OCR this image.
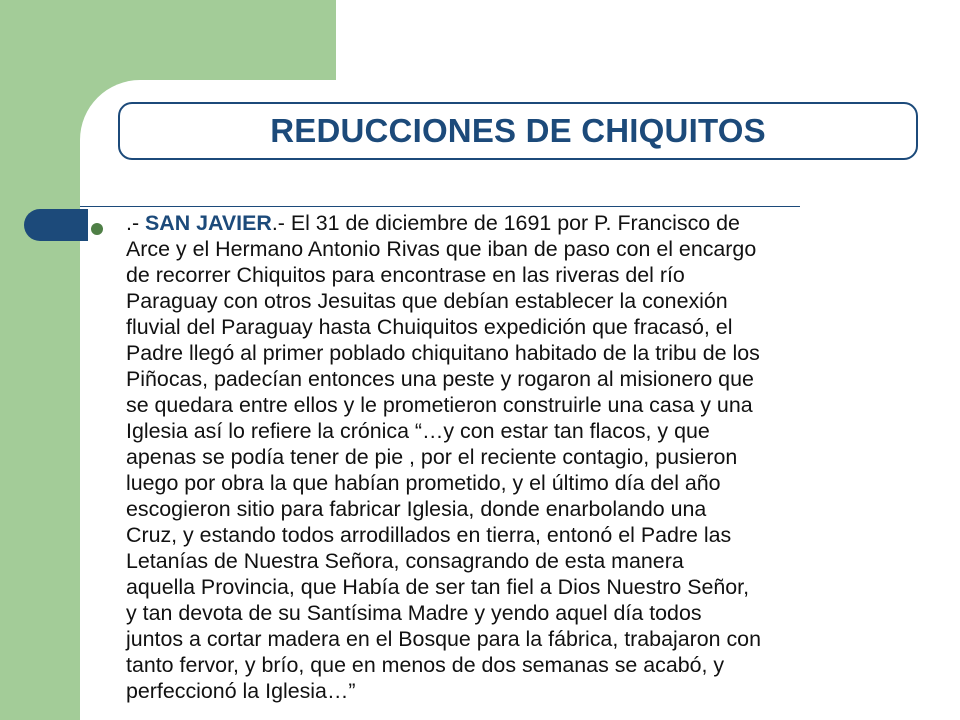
REDUCCIONES DE CHIQUITOS

.- SAN JAVIER.- El 31 de diciembre de 1691 por P. Francisco de
Arce y el Hermano Antonio Rivas que iban de paso con el encargo
de recorrer Chiquitos para encontrase en las riveras del río
Paraguay con otros Jesuitas que debían establecer la conexión
fluvial del Paraguay hasta Chuiquitos expedición que fracasó, el
Padre llegó al primer poblado chiquitano habitado de la tribu de los
Piñocas, padecían entonces una peste y rogaron al misionero que
se quedara entre ellos y le prometieron construirle una casa y una
Iglesia así lo refiere la crónica “…y con estar tan flacos, y que
apenas se podía tener de pie , por el reciente contagio, pusieron
luego por obra la que habían prometido, y el último día del año
escogieron sitio para fabricar Iglesia, donde enarbolando una
Cruz, y estando todos arrodillados en tierra, entonó el Padre las
Letanías de Nuestra Señora, consagrando de esta manera
aquella Provincia, que Había de ser tan fiel a Dios Nuestro Señor,
y tan devota de su Santísima Madre y yendo aquel día todos
juntos a cortar madera en el Bosque para la fábrica, trabajaron con
tanto fervor, y brío, que en menos de dos semanas se acabó, y
perfeccionó la Iglesia…”
